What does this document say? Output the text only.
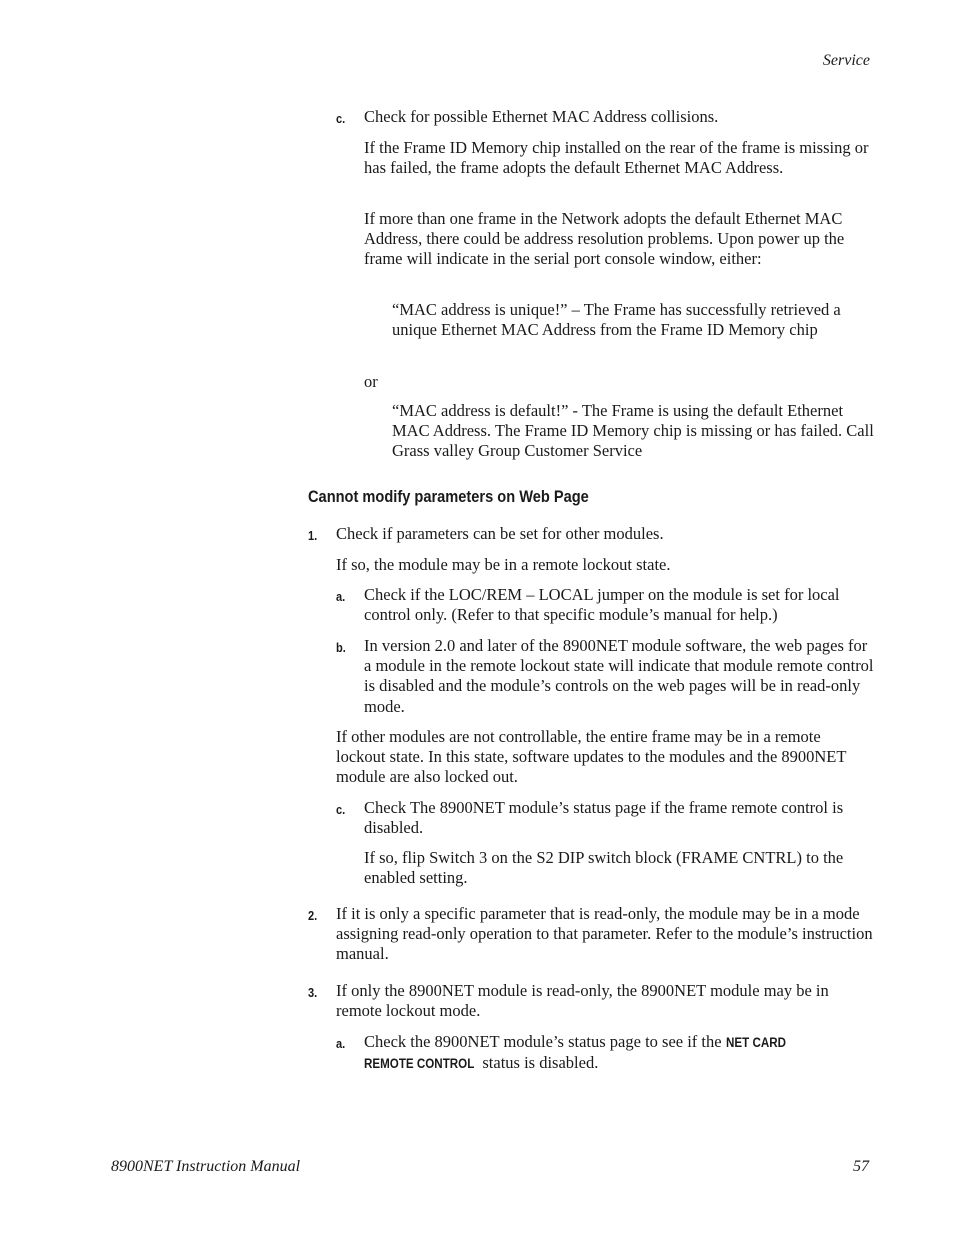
Service
c. Check for possible Ethernet MAC Address collisions.
If the Frame ID Memory chip installed on the rear of the frame is missing or has failed, the frame adopts the default Ethernet MAC Address.
If more than one frame in the Network adopts the default Ethernet MAC Address, there could be address resolution problems. Upon power up the frame will indicate in the serial port console window, either:
“MAC address is unique!” – The Frame has successfully retrieved a unique Ethernet MAC Address from the Frame ID Memory chip
or
“MAC address is default!” - The Frame is using the default Ethernet MAC Address. The Frame ID Memory chip is missing or has failed. Call Grass valley Group Customer Service
Cannot modify parameters on Web Page
1. Check if parameters can be set for other modules.
If so, the module may be in a remote lockout state.
a. Check if the LOC/REM – LOCAL jumper on the module is set for local control only. (Refer to that specific module’s manual for help.)
b. In version 2.0 and later of the 8900NET module software, the web pages for a module in the remote lockout state will indicate that module remote control is disabled and the module’s controls on the web pages will be in read-only mode.
If other modules are not controllable, the entire frame may be in a remote lockout state. In this state, software updates to the modules and the 8900NET module are also locked out.
c. Check The 8900NET module’s status page if the frame remote control is disabled.
If so, flip Switch 3 on the S2 DIP switch block (FRAME CNTRL) to the enabled setting.
2. If it is only a specific parameter that is read-only, the module may be in a mode assigning read-only operation to that parameter. Refer to the module’s instruction manual.
3. If only the 8900NET module is read-only, the 8900NET module may be in remote lockout mode.
a. Check the 8900NET module’s status page to see if the NET CARD
REMOTE CONTROL status is disabled.
8900NET Instruction Manual	57
